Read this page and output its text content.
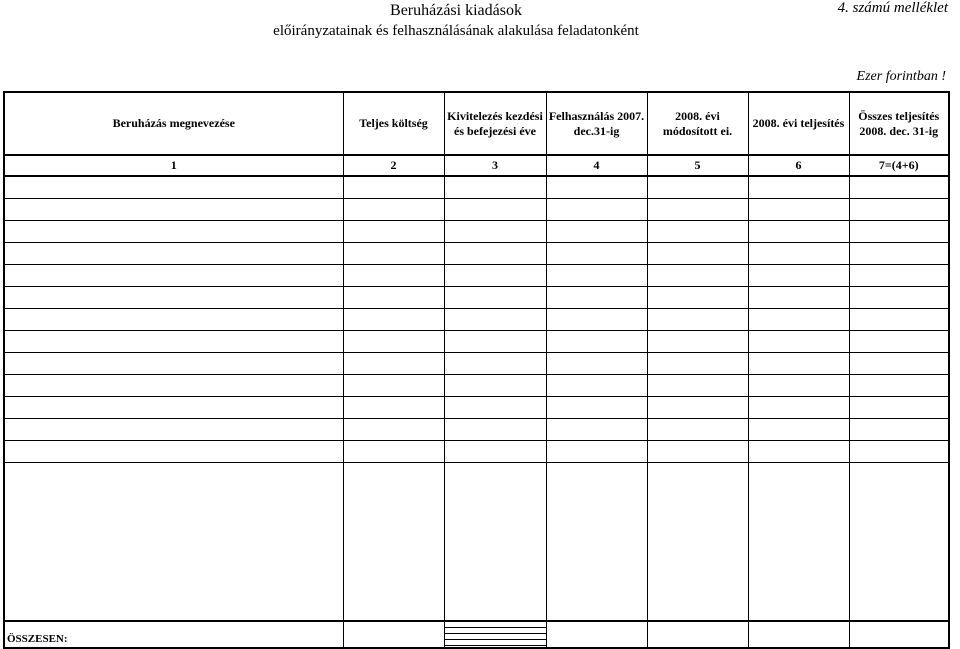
Beruházási kiadások
előirányzatainak és felhasználásának alakulása feladatonként
4. számú melléklet
Ezer forintban !
Beruházás megnevezése	Teljes költség	Kivitelezés kezdési és befejezési éve	Felhasználás 2007. dec.31-ig	2008. évi módosított ei.	2008. évi teljesítés	Összes teljesítés 2008. dec. 31-ig
1	2	3	4	5	6	7=(4+6)

ÖSSZESEN:						
